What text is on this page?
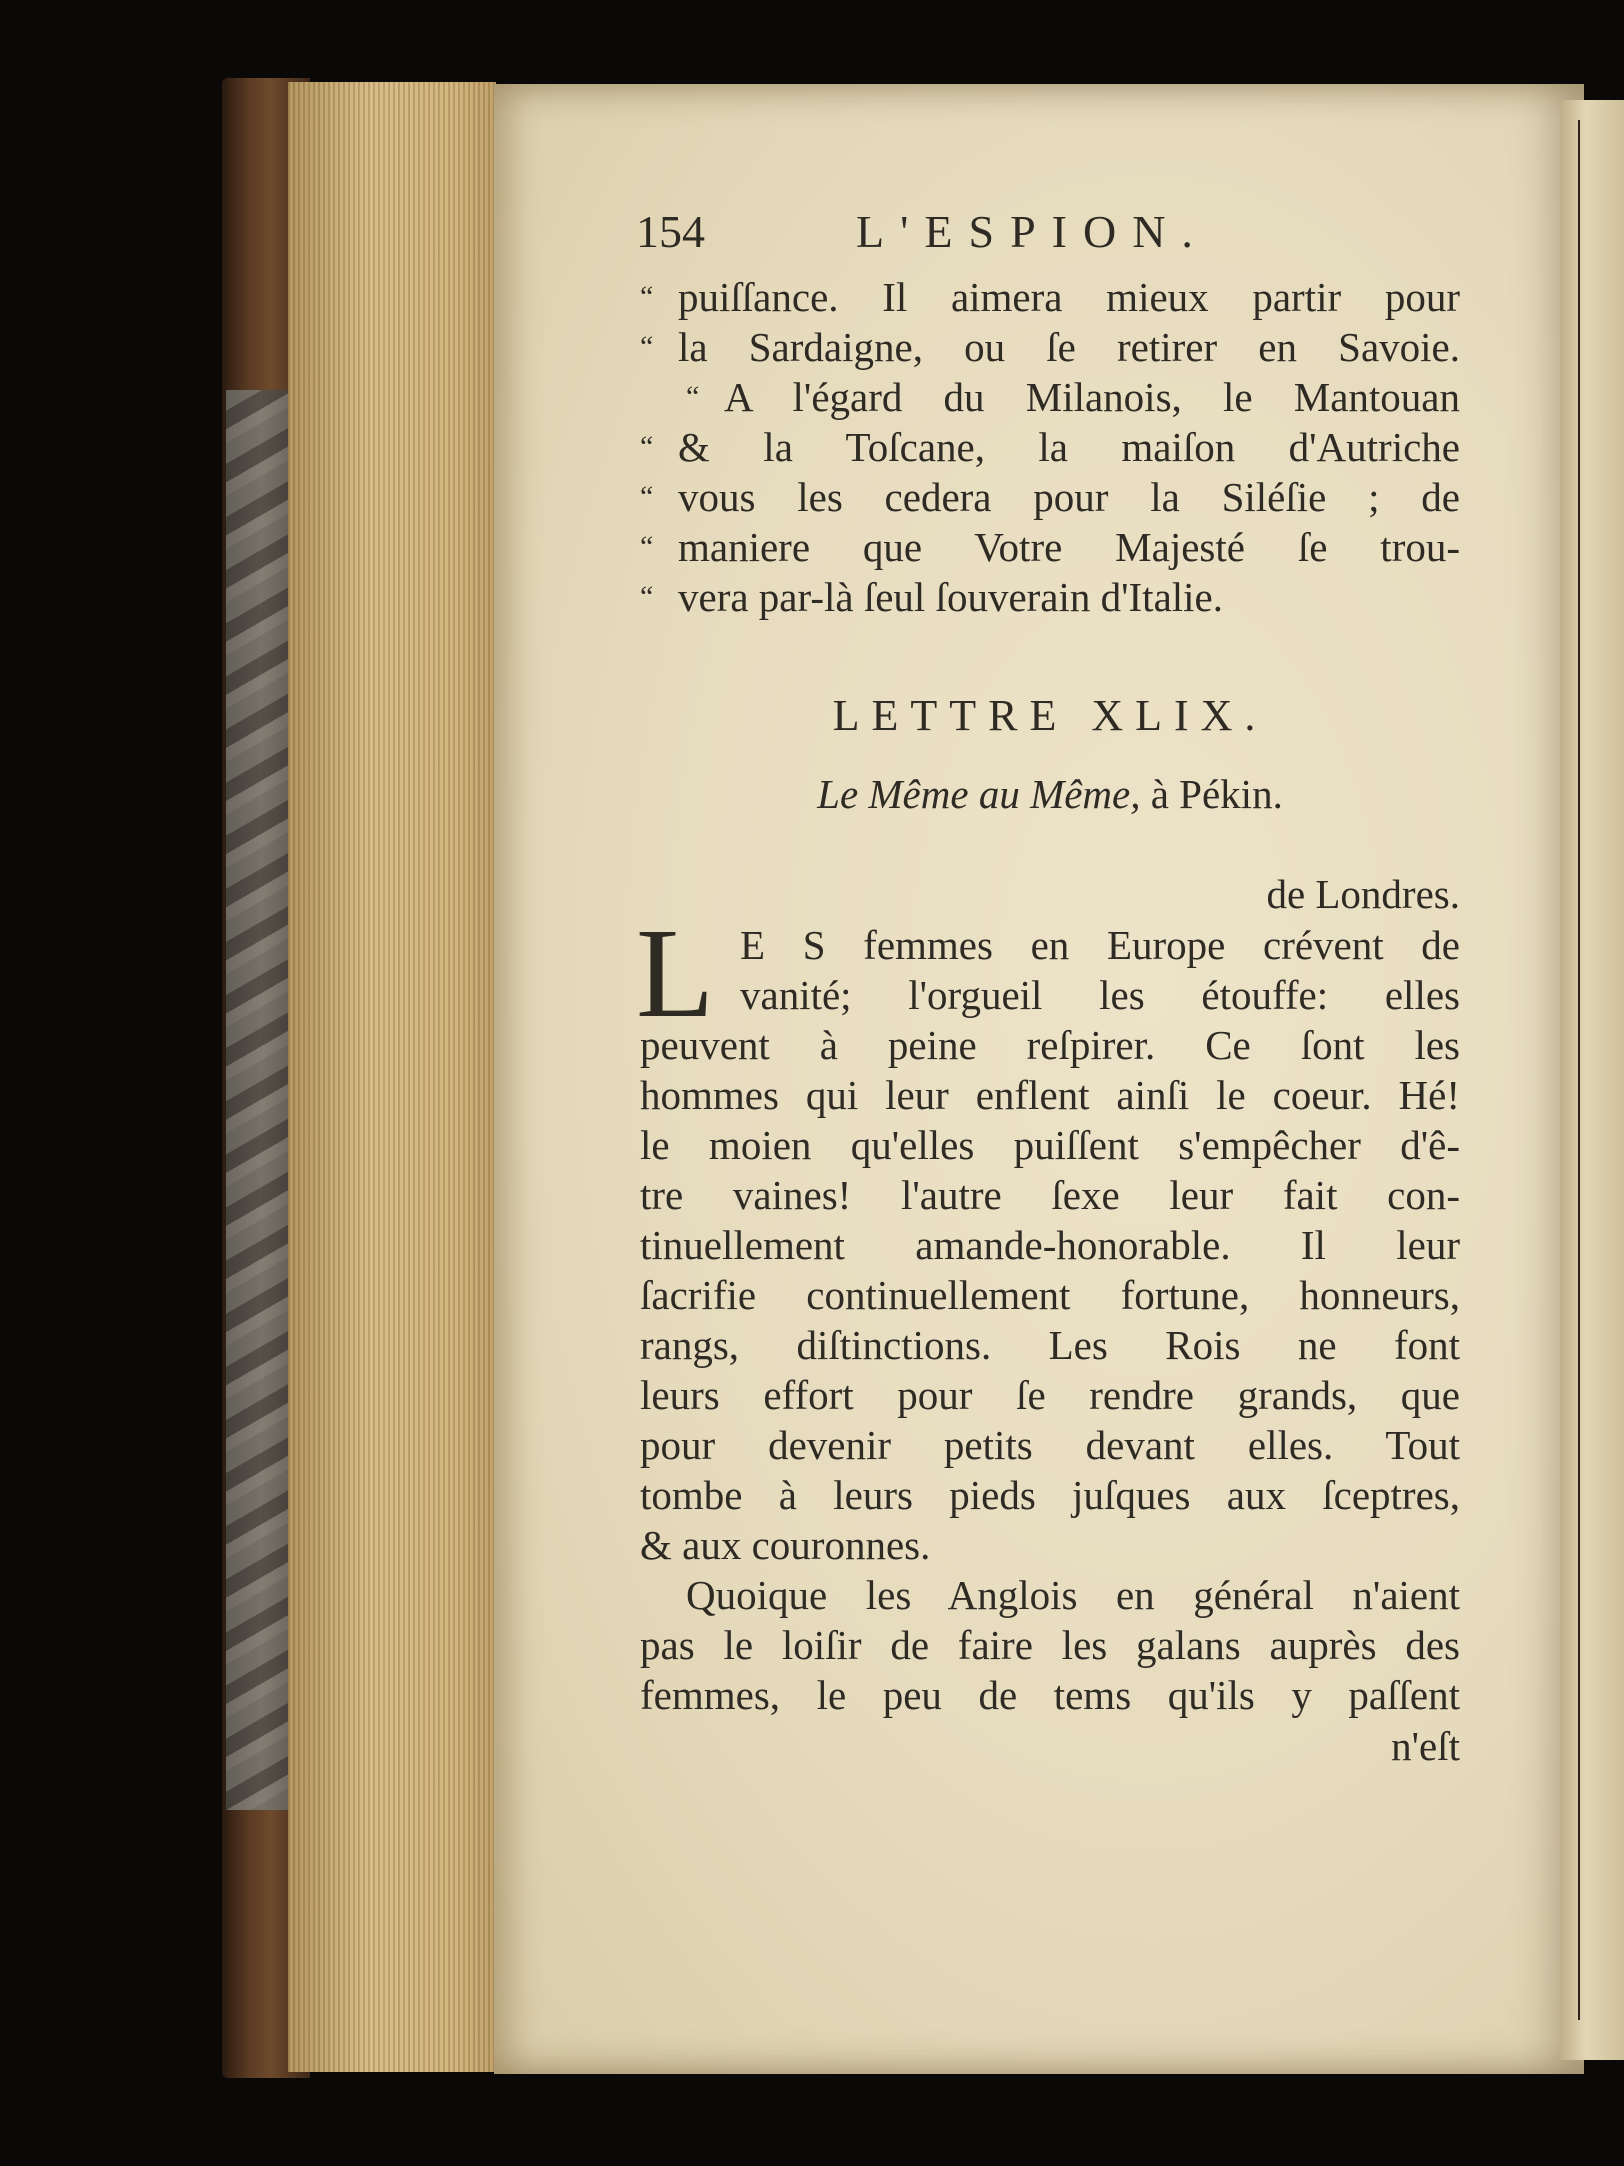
154	L'ESPION.
“ puiſſance. Il aimera mieux partir pour
“ la Sardaigne, ou ſe retirer en Savoie.
“ A l'égard du Milanois, le Mantouan
“ & la Toſcane, la maiſon d'Autriche
“ vous les cedera pour la Siléſie ; de
“ maniere que Votre Majesté ſe trou-
“ vera par-là ſeul ſouverain d'Italie.
LETTRE XLIX.
Le Même au Même, à Pékin.
de Londres.
L E S femmes en Europe crévent de
vanité; l'orgueil les étouffe: elles
peuvent à peine reſpirer. Ce ſont les
hommes qui leur enflent ainſi le coeur. Hé!
le moien qu'elles puiſſent s'empêcher d'ê-
tre vaines! l'autre ſexe leur fait con-
tinuellement amande-honorable. Il leur
ſacrifie continuellement fortune, honneurs,
rangs, diſtinctions. Les Rois ne font
leurs effort pour ſe rendre grands, que
pour devenir petits devant elles. Tout
tombe à leurs pieds juſques aux ſceptres,
& aux couronnes.
Quoique les Anglois en général n'aient
pas le loiſir de faire les galans auprès des
femmes, le peu de tems qu'ils y paſſent
n'eſt
